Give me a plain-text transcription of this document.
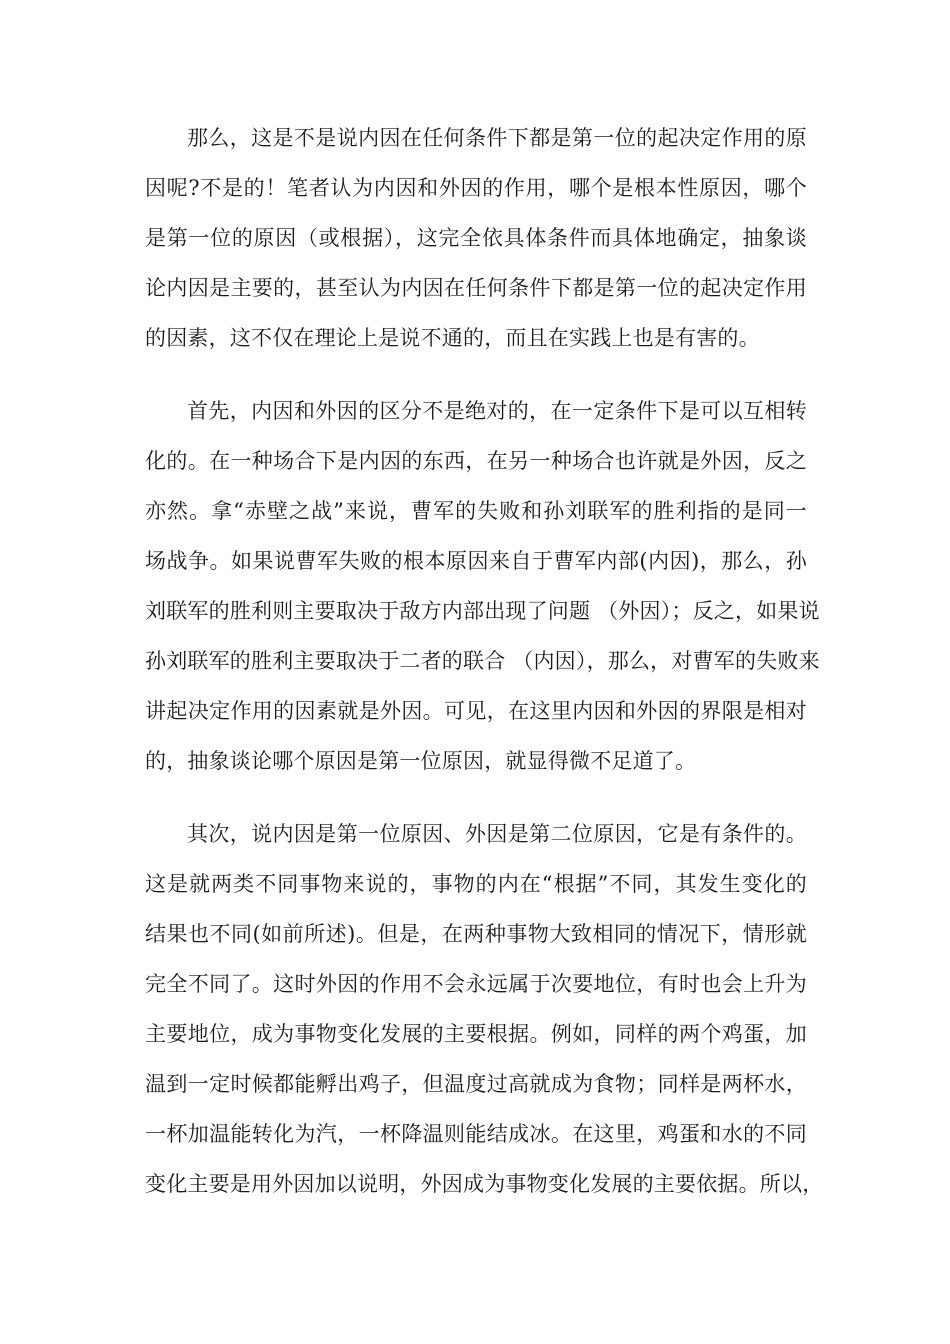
那么，这是不是说内因在任何条件下都是第一位的起决定作用的原
因呢?不是的！笔者认为内因和外因的作用，哪个是根本性原因，哪个
是第一位的原因（或根据），这完全依具体条件而具体地确定，抽象谈
论内因是主要的，甚至认为内因在任何条件下都是第一位的起决定作用
的因素，这不仅在理论上是说不通的，而且在实践上也是有害的。
首先，内因和外因的区分不是绝对的，在一定条件下是可以互相转
化的。在一种场合下是内因的东西，在另一种场合也许就是外因，反之
亦然。拿“赤壁之战”来说，曹军的失败和孙刘联军的胜利指的是同一
场战争。如果说曹军失败的根本原因来自于曹军内部(内因)，那么，孙
刘联军的胜利则主要取决于敌方内部出现了问题 （外因）；反之，如果说
孙刘联军的胜利主要取决于二者的联合 （内因），那么，对曹军的失败来
讲起决定作用的因素就是外因。可见，在这里内因和外因的界限是相对
的，抽象谈论哪个原因是第一位原因，就显得微不足道了。
其次，说内因是第一位原因、外因是第二位原因，它是有条件的。
这是就两类不同事物来说的，事物的内在“根据”不同，其发生变化的
结果也不同(如前所述)。但是，在两种事物大致相同的情况下，情形就
完全不同了。这时外因的作用不会永远属于次要地位，有时也会上升为
主要地位，成为事物变化发展的主要根据。例如，同样的两个鸡蛋，加
温到一定时候都能孵出鸡子，但温度过高就成为食物；同样是两杯水，
一杯加温能转化为汽，一杯降温则能结成冰。在这里，鸡蛋和水的不同
变化主要是用外因加以说明，外因成为事物变化发展的主要依据。所以，
